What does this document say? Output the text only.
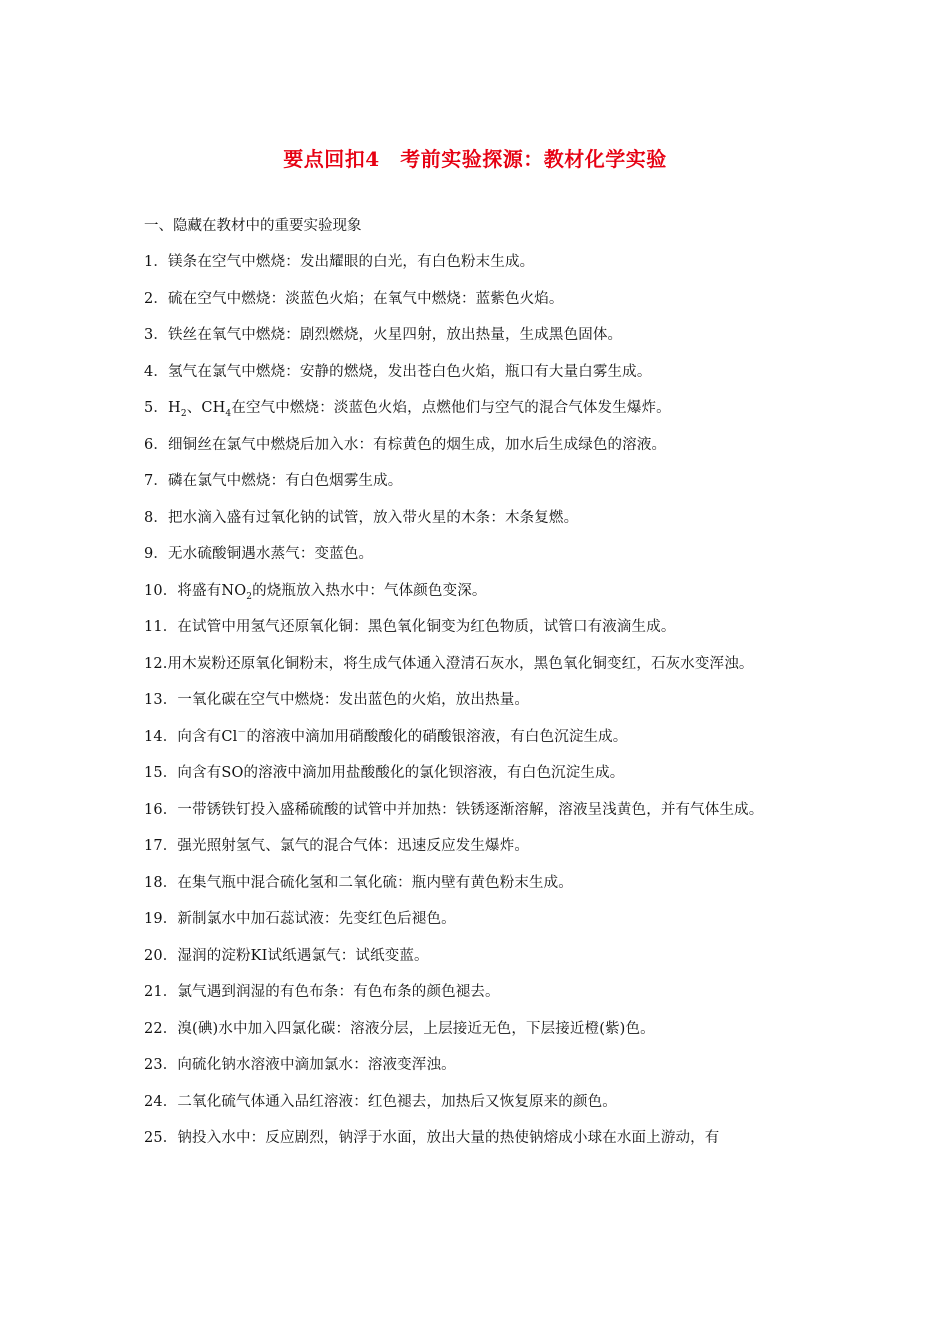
要点回扣4　考前实验探源：教材化学实验

一、隐藏在教材中的重要实验现象

1．镁条在空气中燃烧：发出耀眼的白光，有白色粉末生成。

2．硫在空气中燃烧：淡蓝色火焰；在氧气中燃烧：蓝紫色火焰。

3．铁丝在氧气中燃烧：剧烈燃烧，火星四射，放出热量，生成黑色固体。

4．氢气在氯气中燃烧：安静的燃烧，发出苍白色火焰，瓶口有大量白雾生成。

5．$H_2$、$CH_4$在空气中燃烧：淡蓝色火焰，点燃他们与空气的混合气体发生爆炸。

6．细铜丝在氯气中燃烧后加入水：有棕黄色的烟生成，加水后生成绿色的溶液。

7．磷在氯气中燃烧：有白色烟雾生成。

8．把水滴入盛有过氧化钠的试管，放入带火星的木条：木条复燃。

9．无水硫酸铜遇水蒸气：变蓝色。

10．将盛有$NO_2$的烧瓶放入热水中：气体颜色变深。

11．在试管中用氢气还原氧化铜：黑色氧化铜变为红色物质，试管口有液滴生成。

12.用木炭粉还原氧化铜粉末，将生成气体通入澄清石灰水，黑色氧化铜变红，石灰水变浑浊。

13．一氧化碳在空气中燃烧：发出蓝色的火焰，放出热量。

14．向含有Cl－的溶液中滴加用硝酸酸化的硝酸银溶液，有白色沉淀生成。

15．向含有SO的溶液中滴加用盐酸酸化的氯化钡溶液，有白色沉淀生成。

16．一带锈铁钉投入盛稀硫酸的试管中并加热：铁锈逐渐溶解，溶液呈浅黄色，并有气体生成。

17．强光照射氢气、氯气的混合气体：迅速反应发生爆炸。

18．在集气瓶中混合硫化氢和二氧化硫：瓶内壁有黄色粉末生成。

19．新制氯水中加石蕊试液：先变红色后褪色。

20．湿润的淀粉KI试纸遇氯气：试纸变蓝。

21．氯气遇到润湿的有色布条：有色布条的颜色褪去。

22．溴(碘)水中加入四氯化碳：溶液分层，上层接近无色，下层接近橙(紫)色。

23．向硫化钠水溶液中滴加氯水：溶液变浑浊。

24．二氧化硫气体通入品红溶液：红色褪去，加热后又恢复原来的颜色。

25．钠投入水中：反应剧烈，钠浮于水面，放出大量的热使钠熔成小球在水面上游动，有
